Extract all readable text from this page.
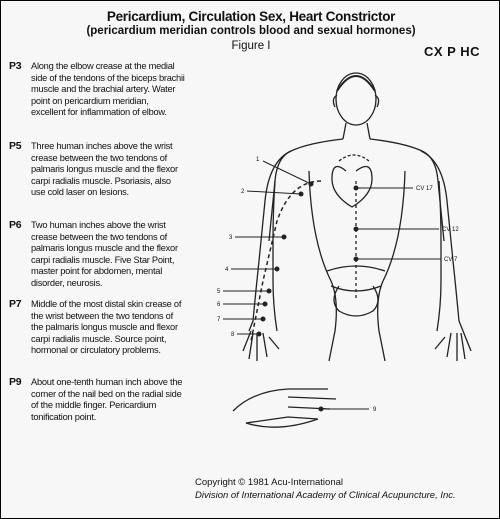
Pericardium, Circulation Sex, Heart Constrictor
(pericardium meridian controls blood and sexual hormones)
Figure I	CX P HC
P3 Along the elbow crease at the medial side of the tendons of the biceps brachii muscle and the brachial artery. Water point on pericardium meridian, excellent for inflammation of elbow.
P5 Three human inches above the wrist crease between the two tendons of palmaris longus muscle and the flexor carpi radialis muscle. Psoriasis, also use cold laser on lesions.
P6 Two human inches above the wrist crease between the two tendons of palmaris longus muscle and the flexor carpi radialis muscle. Five Star Point, master point for abdomen, mental disorder, neurosis.
P7 Middle of the most distal skin crease of the wrist between the two tendons of the palmaris longus muscle and flexor carpi radialis muscle. Source point, hormonal or circulatory problems.
P9 About one-tenth human inch above the corner of the nail bed on the radial side of the middle finger. Pericardium tonification point.
1
2
3
4
5
6
7
8
9
CV 17
CV 12
CV 7
Copyright © 1981 Acu-International
Division of International Academy of Clinical Acupuncture, Inc.
